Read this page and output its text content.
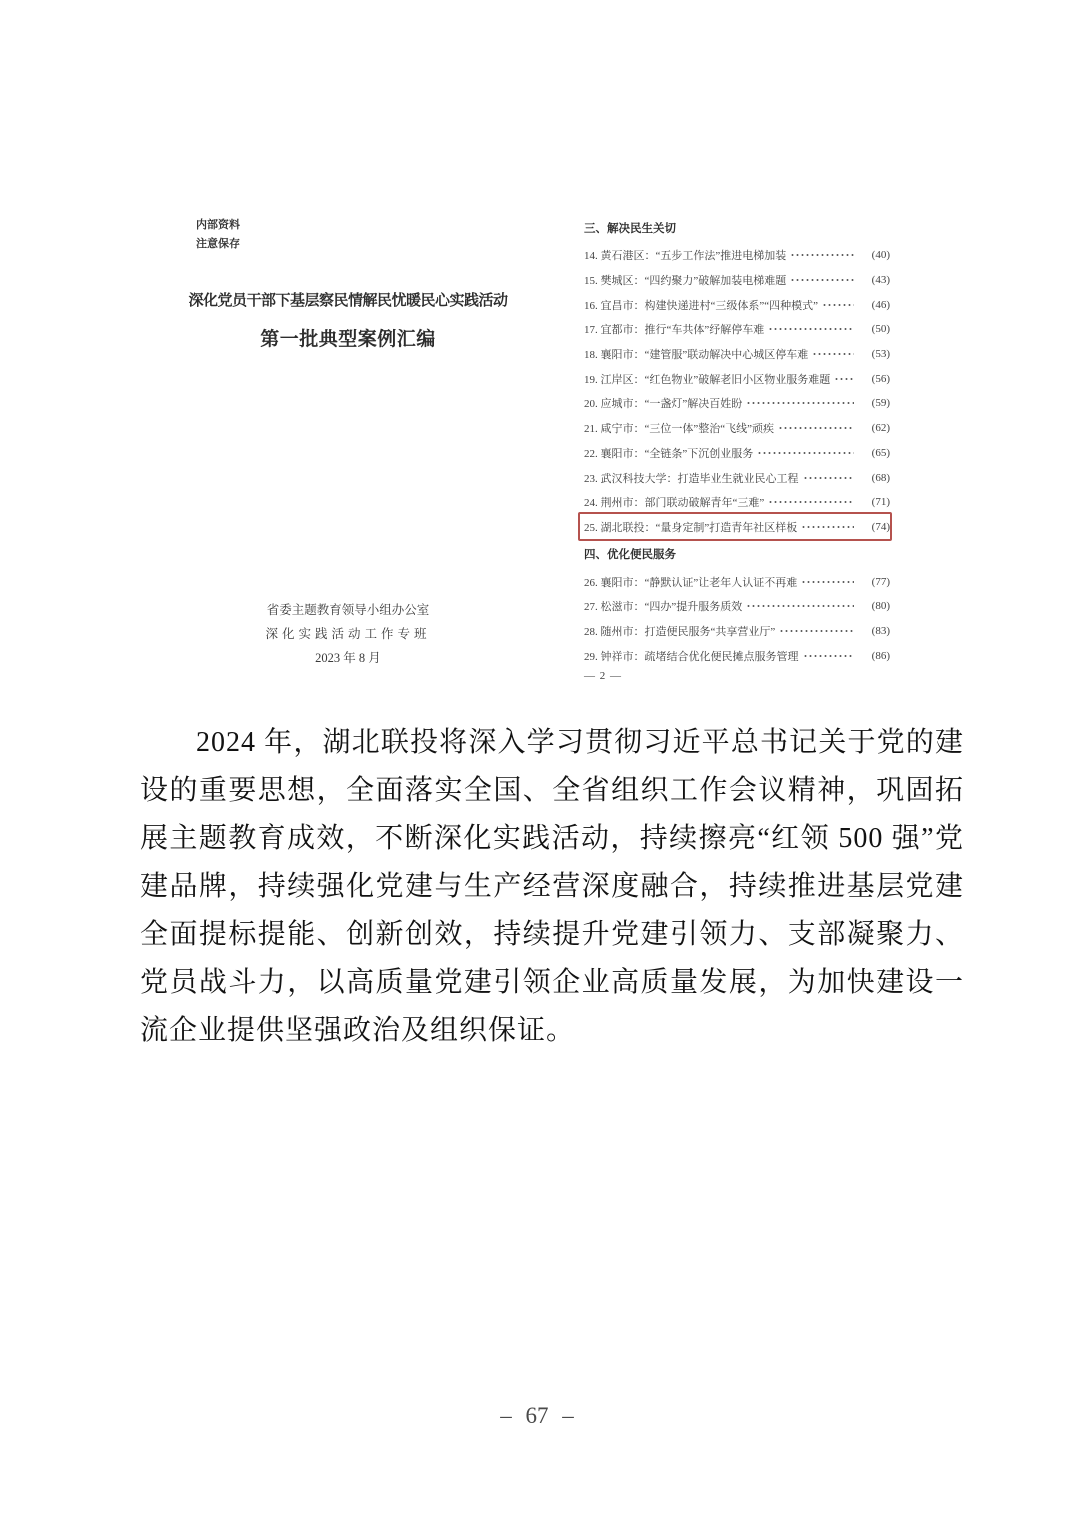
内部资料
注意保存
深化党员干部下基层察民情解民忧暖民心实践活动
第一批典型案例汇编
省委主题教育领导小组办公室
深化实践活动工作专班
2023 年 8 月
三、解决民生关切
14. 黄石港区：“五步工作法”推进电梯加装	(40)
15. 樊城区：“四约聚力”破解加装电梯难题	(43)
16. 宜昌市：构建快递进村“三级体系”“四种模式”	(46)
17. 宜都市：推行“车共体”纾解停车难	(50)
18. 襄阳市：“建管服”联动解决中心城区停车难	(53)
19. 江岸区：“红色物业”破解老旧小区物业服务难题	(56)
20. 应城市：“一盏灯”解决百姓盼	(59)
21. 咸宁市：“三位一体”整治“飞线”顽疾	(62)
22. 襄阳市：“全链条”下沉创业服务	(65)
23. 武汉科技大学：打造毕业生就业民心工程	(68)
24. 荆州市：部门联动破解青年“三难”	(71)
25. 湖北联投：“量身定制”打造青年社区样板	(74)
四、优化便民服务
26. 襄阳市：“静默认证”让老年人认证不再难	(77)
27. 松滋市：“四办”提升服务质效	(80)
28. 随州市：打造便民服务“共享营业厅”	(83)
29. 钟祥市：疏堵结合优化便民摊点服务管理	(86)
— 2 —

2024 年，湖北联投将深入学习贯彻习近平总书记关于党的建设的重要思想，全面落实全国、全省组织工作会议精神，巩固拓展主题教育成效，不断深化实践活动，持续擦亮“红领 500 强”党建品牌，持续强化党建与生产经营深度融合，持续推进基层党建全面提标提能、创新创效，持续提升党建引领力、支部凝聚力、党员战斗力，以高质量党建引领企业高质量发展，为加快建设一流企业提供坚强政治及组织保证。

– 67 –
